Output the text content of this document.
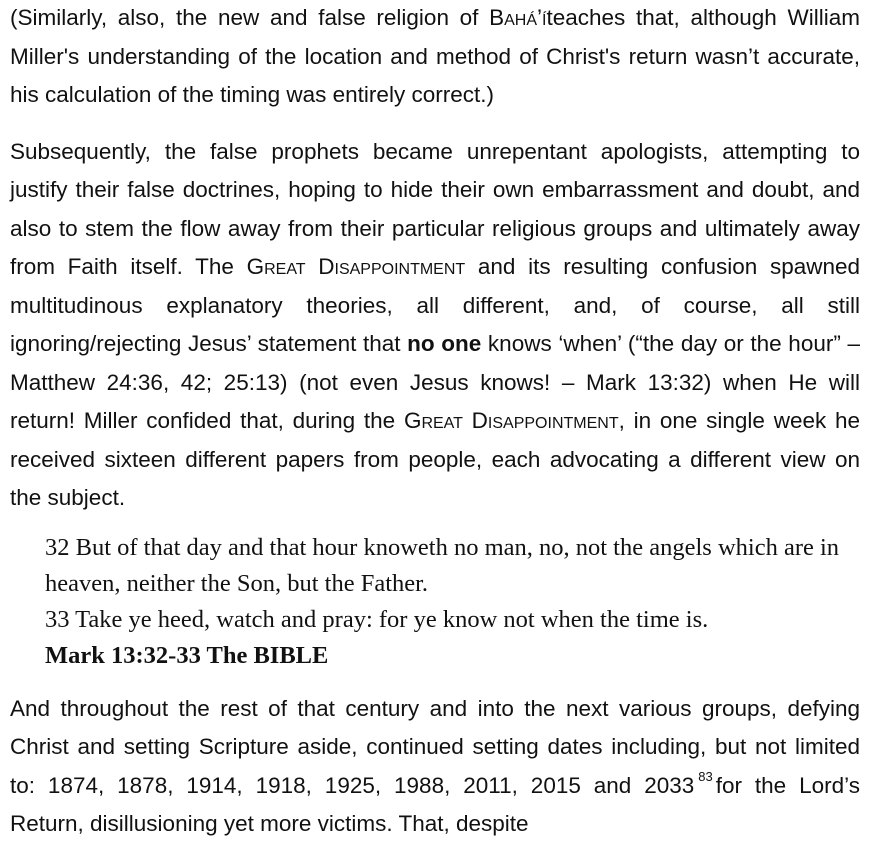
(Similarly, also, the new and false religion of Bahá’íteaches that, although William Miller's understanding of the location and method of Christ's return wasn’t accurate, his calculation of the timing was entirely correct.)

Subsequently, the false prophets became unrepentant apologists, attempting to justify their false doctrines, hoping to hide their own embarrassment and doubt, and also to stem the flow away from their particular religious groups and ultimately away from Faith itself. The Great Disappointment and its resulting confusion spawned multitudinous explanatory theories, all different, and, of course, all still ignoring/rejecting Jesus’ statement that no one knows ‘when’ (“the day or the hour” – Matthew 24:36, 42; 25:13) (not even Jesus knows! – Mark 13:32) when He will return! Miller confided that, during the Great Disappointment, in one single week he received sixteen different papers from people, each advocating a different view on the subject.

32 But of that day and that hour knoweth no man, no, not the angels which are in heaven, neither the Son, but the Father.
33 Take ye heed, watch and pray: for ye know not when the time is.
Mark 13:32-33 The BIBLE

And throughout the rest of that century and into the next various groups, defying Christ and setting Scripture aside, continued setting dates including, but not limited to: 1874, 1878, 1914, 1918, 1925, 1988, 2011, 2015 and 2033 $^{83}$ for the Lord’s Return, disillusioning yet more victims. That, despite
